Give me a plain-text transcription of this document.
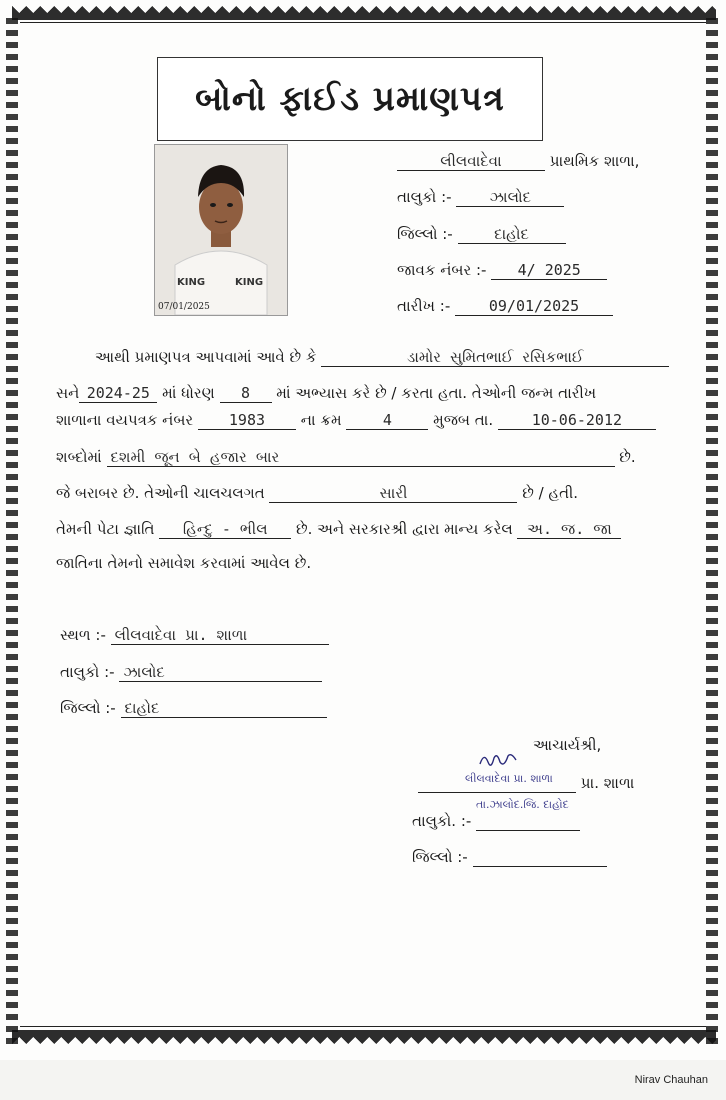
બોનો ફાઈડ પ્રમાણપત્ર
KING	KING
07/01/2025
લીલવાદેવા	પ્રાથમિક શાળા,
તાલુકો :-	ઝાલોદ
જિલ્લો :-	દાહોદ
જાવક નંબર :- 4/ 2025
તારીખ :-	09/01/2025
આથી પ્રમાણપત્ર આપવામાં આવે છે કે	ડામોર સુમિતભાઈ રસિકભાઈ
સને 2024-25 માં ધોરણ 8 માં અભ્યાસ કરે છે / કરતા હતા. તેઓની જન્મ તારીખ
શાળાના વયપત્રક નંબર 1983 ના ક્રમ	4	મુજબ તા.	10-06-2012
શબ્દોમાં દશમી જૂન બે હજાર બાર	છે.
જે બરાબર છે. તેઓની ચાલચલગત	સારી	છે / હતી.
તેમની પેટા જ્ઞાતિ હિન્દુ - ભીલ છે. અને સરકારશ્રી દ્વારા માન્ય કરેલ અ. જ. જા
જાતિના તેમનો સમાવેશ કરવામાં આવેલ છે.
સ્થળ :- લીલવાદેવા પ્રા. શાળા
તાલુકો :- ઝાલોદ
જિલ્લો :- દાહોદ
આચાર્યશ્રી,
લીલવાદેવા પ્રા. શાળા	પ્રા. શાળા
તા.ઝાલોદ.જિ. દાહોદ
તાલુકો. :-
જિલ્લો :-
Nirav Chauhan
